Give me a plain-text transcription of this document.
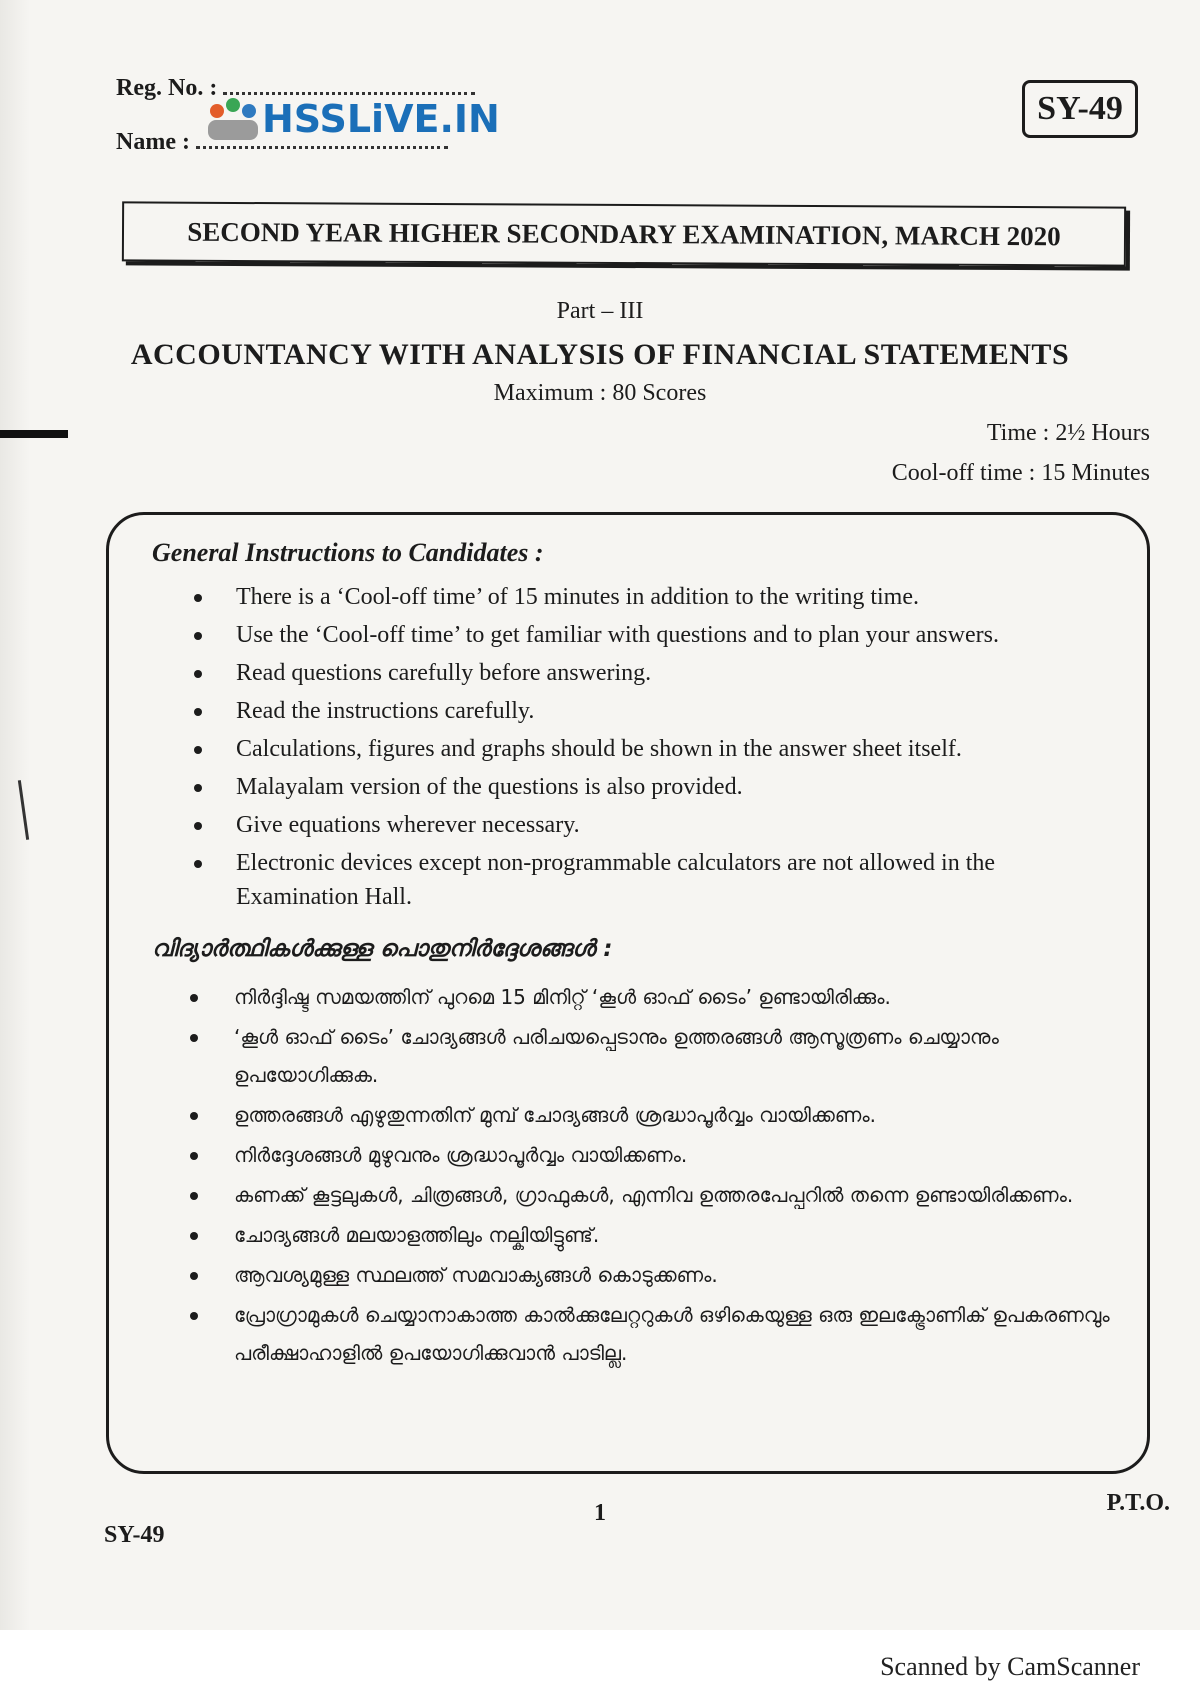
Reg. No. :
Name :
HSSLiVE.IN	SY-49
SECOND YEAR HIGHER SECONDARY EXAMINATION, MARCH 2020
Part – III
ACCOUNTANCY WITH ANALYSIS OF FINANCIAL STATEMENTS
Maximum : 80 Scores
Time : 2½ Hours
Cool-off time : 15 Minutes
General Instructions to Candidates :
There is a ‘Cool-off time’ of 15 minutes in addition to the writing time.
Use the ‘Cool-off time’ to get familiar with questions and to plan your answers.
Read questions carefully before answering.
Read the instructions carefully.
Calculations, figures and graphs should be shown in the answer sheet itself.
Malayalam version of the questions is also provided.
Give equations wherever necessary.
Electronic devices except non-programmable calculators are not allowed in the Examination Hall.
വിദ്യാർത്ഥികൾക്കുള്ള പൊതുനിർദ്ദേശങ്ങൾ :
നിർദ്ദിഷ്ട സമയത്തിന് പുറമെ 15 മിനിറ്റ് ‘കൂൾ ഓഫ് ടൈം’ ഉണ്ടായിരിക്കും.
‘കൂൾ ഓഫ് ടൈം’ ചോദ്യങ്ങൾ പരിചയപ്പെടാനും ഉത്തരങ്ങൾ ആസൂത്രണം ചെയ്യാനും ഉപയോഗിക്കുക.
ഉത്തരങ്ങൾ എഴുതുന്നതിന് മുമ്പ് ചോദ്യങ്ങൾ ശ്രദ്ധാപൂർവ്വം വായിക്കണം.
നിർദ്ദേശങ്ങൾ മുഴുവനും ശ്രദ്ധാപൂർവ്വം വായിക്കണം.
കണക്ക് കൂട്ടലുകൾ, ചിത്രങ്ങൾ, ഗ്രാഫുകൾ, എന്നിവ ഉത്തരപേപ്പറിൽ തന്നെ ഉണ്ടായിരിക്കണം.
ചോദ്യങ്ങൾ മലയാളത്തിലും നല്കിയിട്ടുണ്ട്.
ആവശ്യമുള്ള സ്ഥലത്ത് സമവാക്യങ്ങൾ കൊടുക്കണം.
പ്രോഗ്രാമുകൾ ചെയ്യാനാകാത്ത കാൽക്കുലേറ്ററുകൾ ഒഴികെയുള്ള ഒരു ഇലക്ട്രോണിക് ഉപകരണവും പരീക്ഷാഹാളിൽ ഉപയോഗിക്കുവാൻ പാടില്ല.
1	P.T.O.
SY-49
Scanned by CamScanner
